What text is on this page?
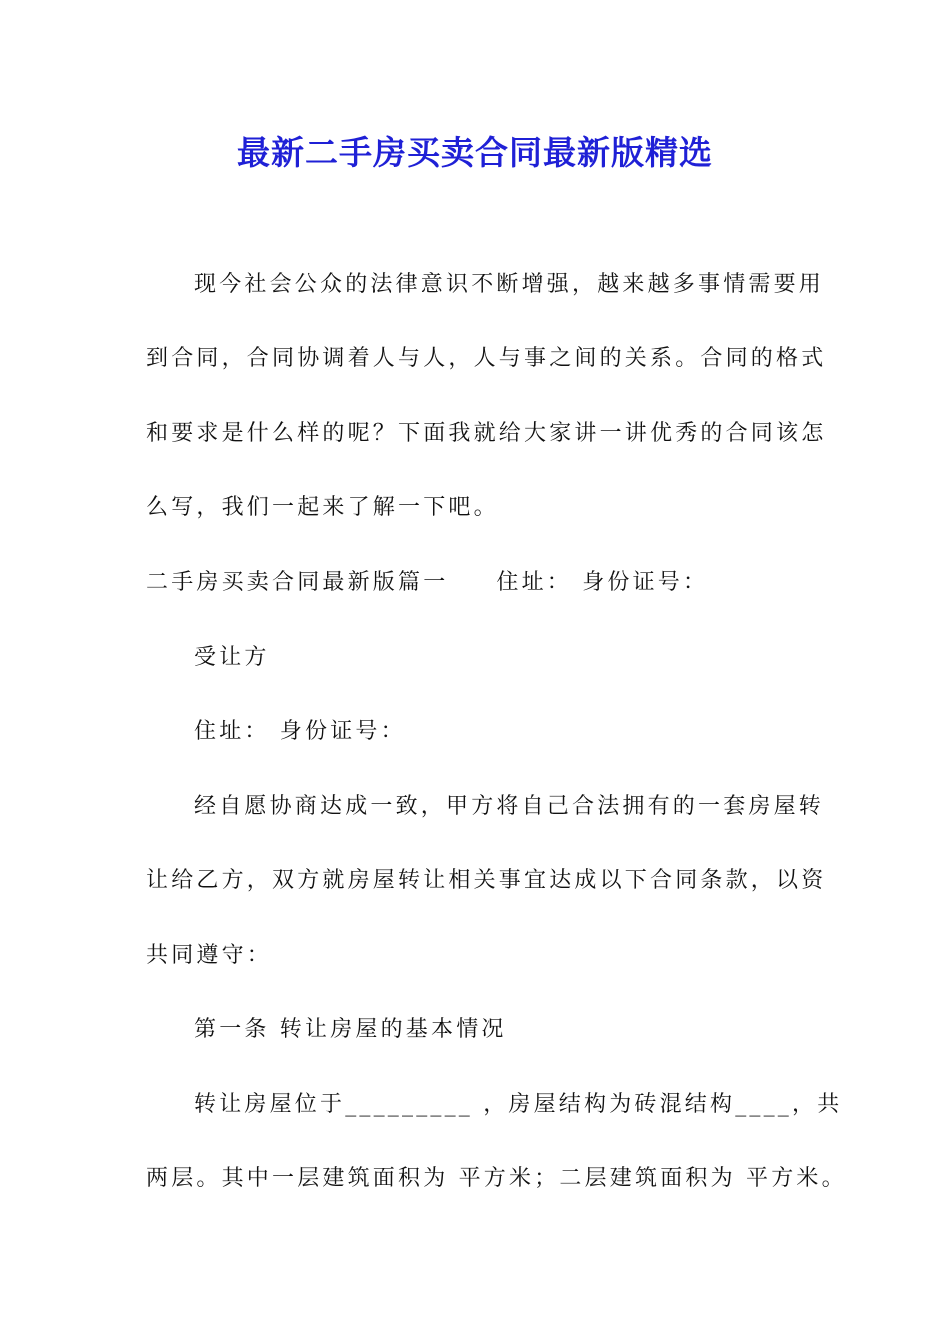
最新二手房买卖合同最新版精选
现今社会公众的法律意识不断增强，越来越多事情需要用
到合同，合同协调着人与人，人与事之间的关系。合同的格式
和要求是什么样的呢？下面我就给大家讲一讲优秀的合同该怎
么写，我们一起来了解一下吧。
二手房买卖合同最新版篇一 住址： 身份证号：
受让方
住址： 身份证号：
经自愿协商达成一致，甲方将自己合法拥有的一套房屋转
让给乙方，双方就房屋转让相关事宜达成以下合同条款，以资
共同遵守：
第一条 转让房屋的基本情况
转让房屋位于_________ ，房屋结构为砖混结构____，共
两层。其中一层建筑面积为 平方米；二层建筑面积为 平方米。
